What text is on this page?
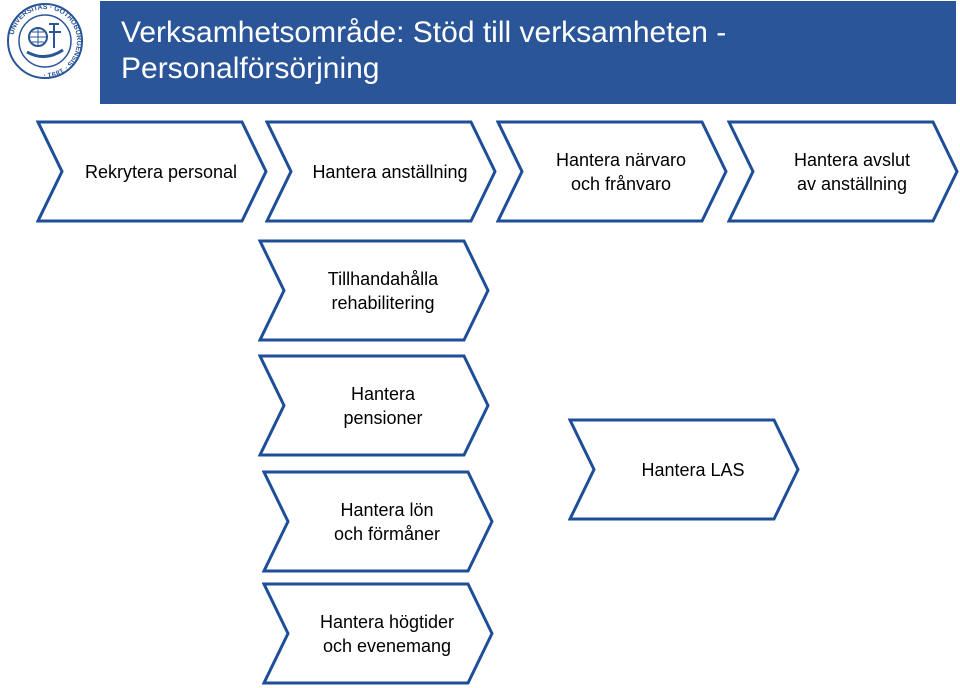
UNIVERSITAS · GOTHOBURGENSIS · 1891 ·
Verksamhetsområde: Stöd till verksamheten -
Personalförsörjning
Rekrytera personal	Hantera anställning
Hantera närvaro
och frånvaro
Hantera avslut
av anställning
Tillhandahålla
rehabilitering
Hantera
pensioner
Hantera lön
och förmåner
Hantera högtider
och evenemang
Hantera LAS
